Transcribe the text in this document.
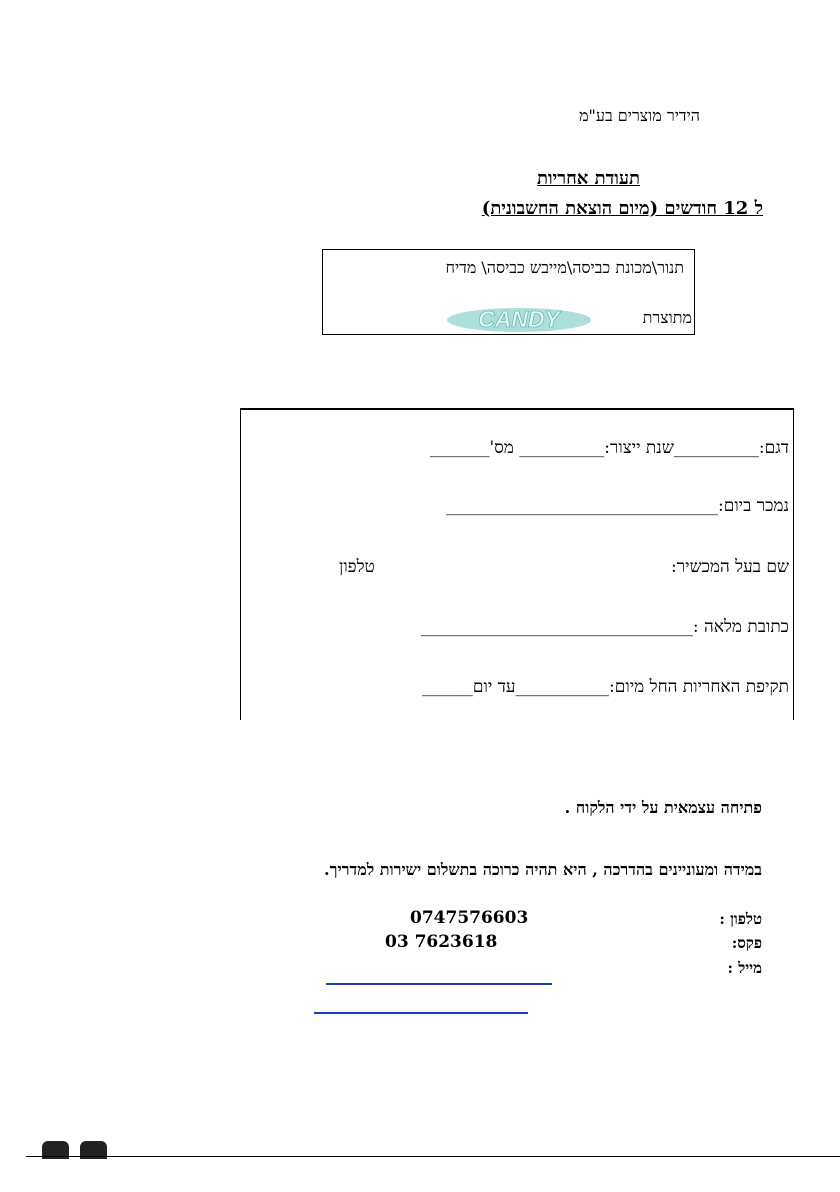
הידיר מוצרים בע"מ
תעודת אחריות
ל 12 חודשים (מיום הוצאת החשבונית)
תנור\מכונת כביסה\מייבש כביסה\ מדיח
CANDY	מתוצרת
דגם:__________שנת ייצור:__________ מס'_______
נמכר ביום:________________________________
שם בעל המכשיר:
טלפון
כתובת מלאה :________________________________
תקיפת האחריות החל מיום:___________עד יום______
פתיחה עצמאית על ידי הלקוח .
במידה ומעוניינים בהדרכה , היא תהיה כרוכה בתשלום ישירות למדריך.
טלפון :
0747576603
פקס:
03 7623618
מייל :
